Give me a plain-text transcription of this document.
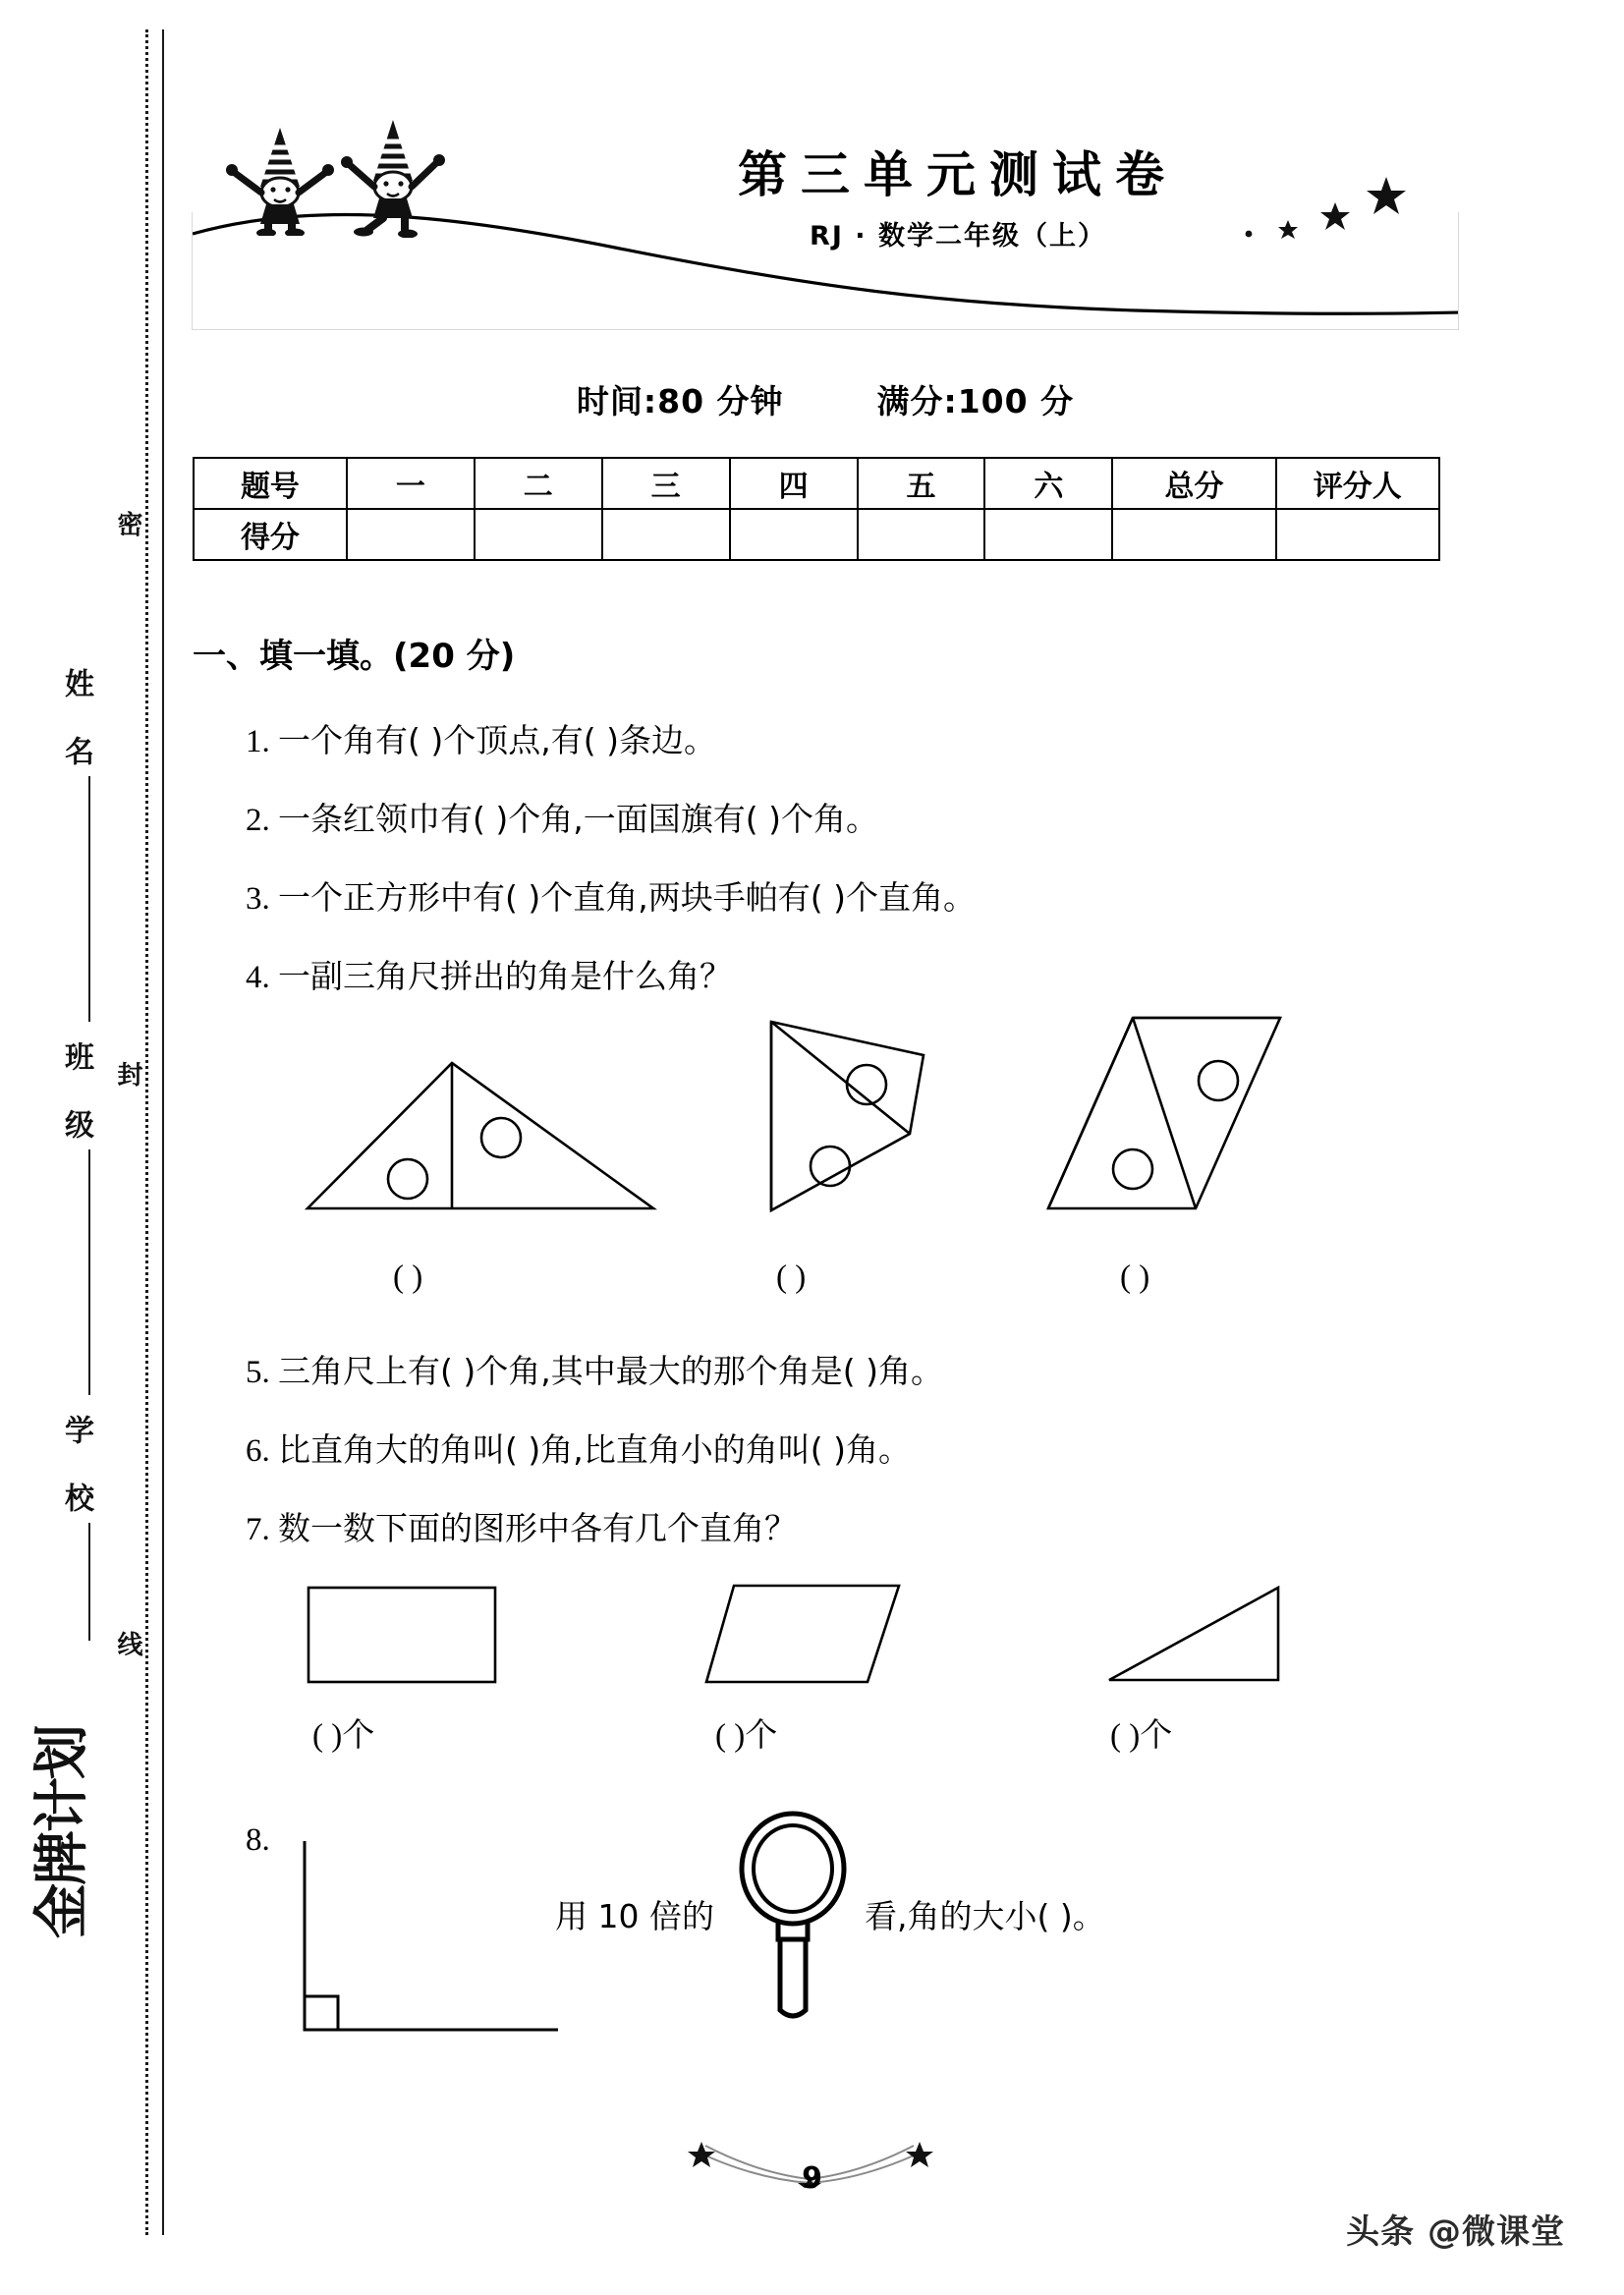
密
封
线
姓 名
班 级
学 校
金牌计划
第三单元测试卷
RJ · 数学二年级（上）
时间:80 分钟	满分:100 分
题号	一	二	三	四	五	六	总分	评分人
得分								
一、填一填。(20 分)
1. 一个角有( )个顶点,有( )条边。
2. 一条红领巾有( )个角,一面国旗有( )个角。
3. 一个正方形中有( )个直角,两块手帕有( )个直角。
4. 一副三角尺拼出的角是什么角？
( )	( )	( )
5. 三角尺上有( )个角,其中最大的那个角是( )角。
6. 比直角大的角叫( )角,比直角小的角叫( )角。
7. 数一数下面的图形中各有几个直角？
( )个	( )个	( )个
8.
用 10 倍的	看,角的大小( )。
9
头条 @微课堂
